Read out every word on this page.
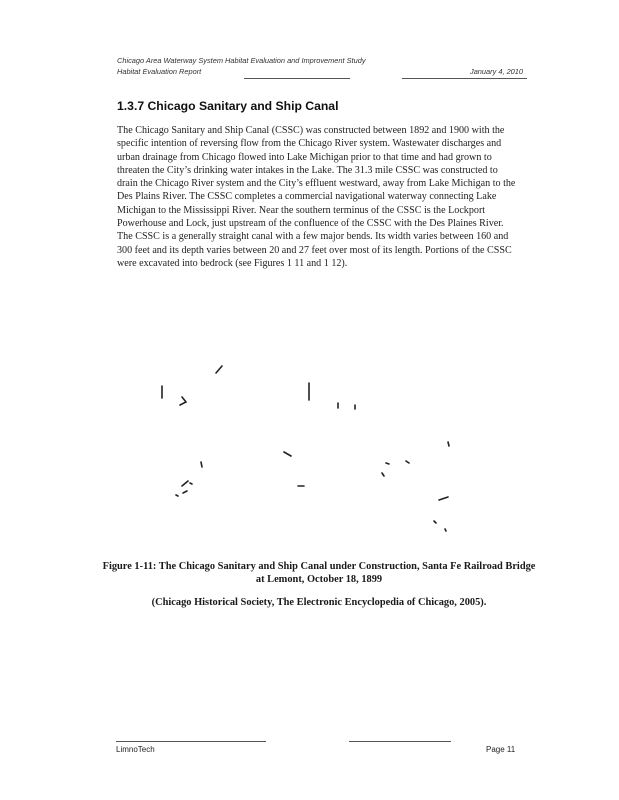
Chicago Area Waterway System Habitat Evaluation and Improvement Study
Habitat Evaluation Report	January 4, 2010
1.3.7 Chicago Sanitary and Ship Canal

The Chicago Sanitary and Ship Canal (CSSC) was constructed between 1892 and 1900 with the specific intention of reversing flow from the Chicago River system. Wastewater discharges and urban drainage from Chicago flowed into Lake Michigan prior to that time and had grown to threaten the City’s drinking water intakes in the Lake. The 31.3 mile CSSC was constructed to drain the Chicago River system and the City’s effluent westward, away from Lake Michigan to the Des Plains River. The CSSC completes a commercial navigational waterway connecting Lake Michigan to the Mississippi River. Near the southern terminus of the CSSC is the Lockport Powerhouse and Lock, just upstream of the confluence of the CSSC with the Des Plaines River. The CSSC is a generally straight canal with a few major bends. Its width varies between 160 and 300 feet and its depth varies between 20 and 27 feet over most of its length. Portions of the CSSC were excavated into bedrock (see Figures 1 11 and 1 12).

Figure 1-11: The Chicago Sanitary and Ship Canal under Construction, Santa Fe Railroad Bridge at Lemont, October 18, 1899

(Chicago Historical Society, The Electronic Encyclopedia of Chicago, 2005).

LimnoTech	Page 11
